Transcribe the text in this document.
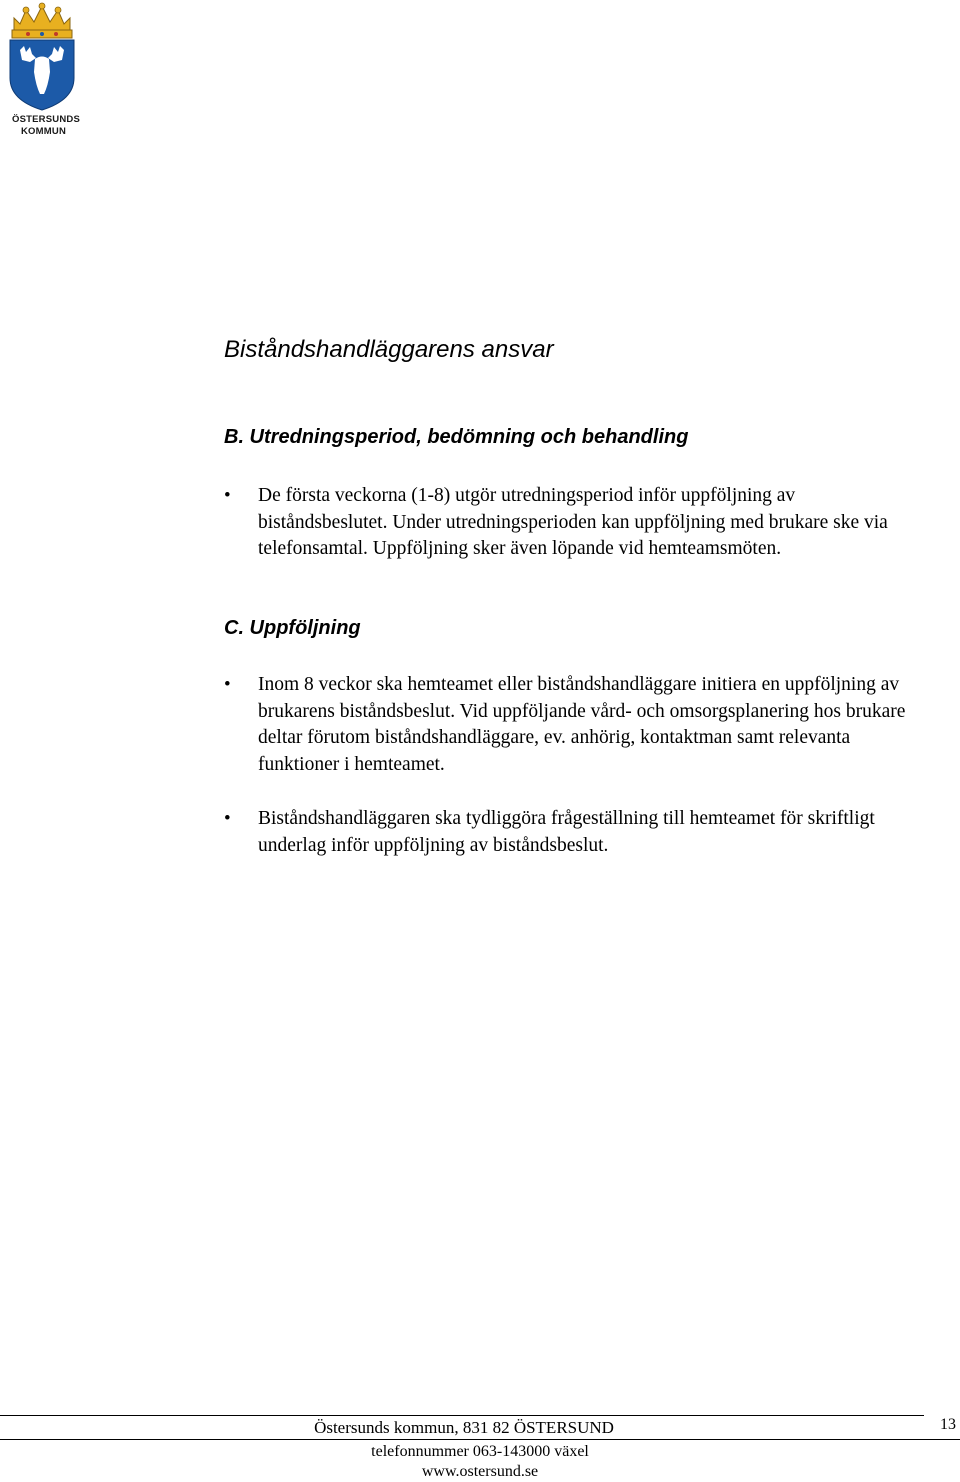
ÖSTERSUNDS
KOMMUN
Biståndshandläggarens ansvar
B. Utredningsperiod, bedömning och behandling
•	De första veckorna (1-8) utgör utredningsperiod inför uppföljning av biståndsbeslutet. Under utredningsperioden kan uppföljning med brukare ske via telefonsamtal. Uppföljning sker även löpande vid hemteamsmöten.
C. Uppföljning
•	Inom 8 veckor ska hemteamet eller biståndshandläggare initiera en uppföljning av brukarens biståndsbeslut. Vid uppföljande vård- och omsorgsplanering hos brukare deltar förutom biståndshandläggare, ev. anhörig, kontaktman samt relevanta funktioner i hemteamet.
•	Biståndshandläggaren ska tydliggöra frågeställning till hemteamet för skriftligt underlag inför uppföljning av biståndsbeslut.
Östersunds kommun, 831 82 ÖSTERSUND	13
telefonnummer 063-143000 växel
www.ostersund.se
